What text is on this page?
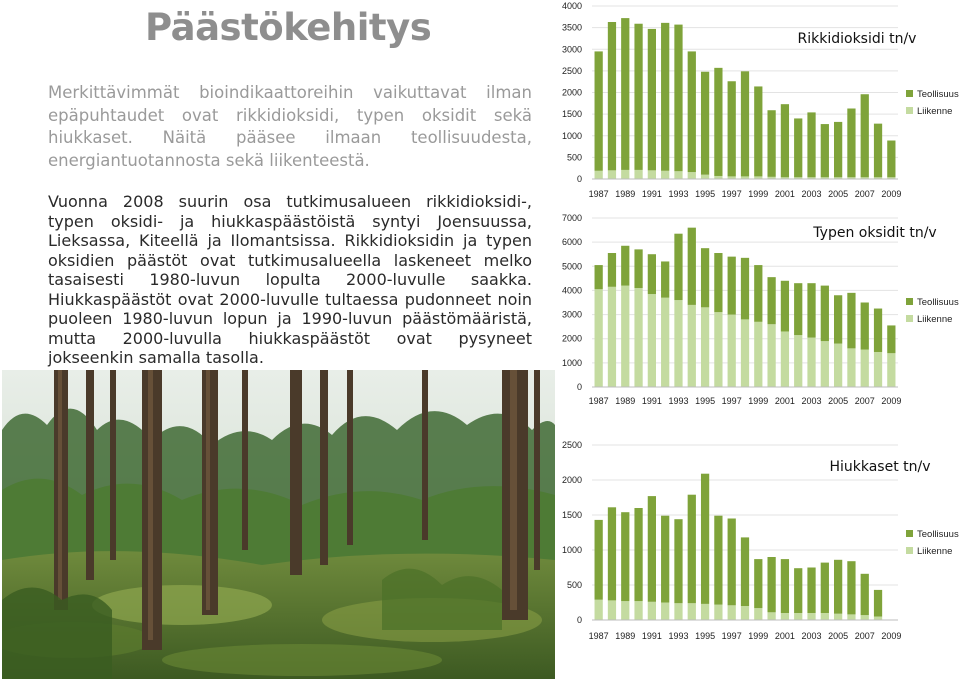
Päästökehitys

Merkittävimmät bioindikaattoreihin vaikuttavat ilman epäpuhtaudet ovat rikkidioksidi, typen oksidit sekä hiukkaset. Näitä pääsee ilmaan teollisuudesta, energiantuotannosta sekä liikenteestä.

Vuonna 2008 suurin osa tutkimusalueen rikkidioksidi-, typen oksidi- ja hiukkaspäästöistä syntyi Joensuussa, Lieksassa, Kiteellä ja Ilomantsissa. Rikkidioksidin ja typen oksidien päästöt ovat tutkimusalueella laskeneet melko tasaisesti 1980-luvun lopulta 2000-luvulle saakka. Hiukkaspäästöt ovat 2000-luvulle tultaessa pudonneet noin puoleen 1980-luvun lopun ja 1990-luvun päästömääristä, mutta 2000-luvulla hiukkaspäästöt ovat pysyneet jokseenkin samalla tasolla.

0
500
1000
1500
2000
2500
3000
3500
4000
1987 1989 1991 1993 1995 1997 1999 2001 2003 2005 2007 2009
Rikkidioksidi tn/v
Teollisuus
Liikenne
0
1000
2000
3000
4000
5000
6000
7000
1987 1989 1991 1993 1995 1997 1999 2001 2003 2005 2007 2009
Typen oksidit tn/v
Teollisuus
Liikenne
0
500
1000
1500
2000
2500
1987 1989 1991 1993 1995 1997 1999 2001 2003 2005 2007 2009
Hiukkaset tn/v
Teollisuus
Liikenne
